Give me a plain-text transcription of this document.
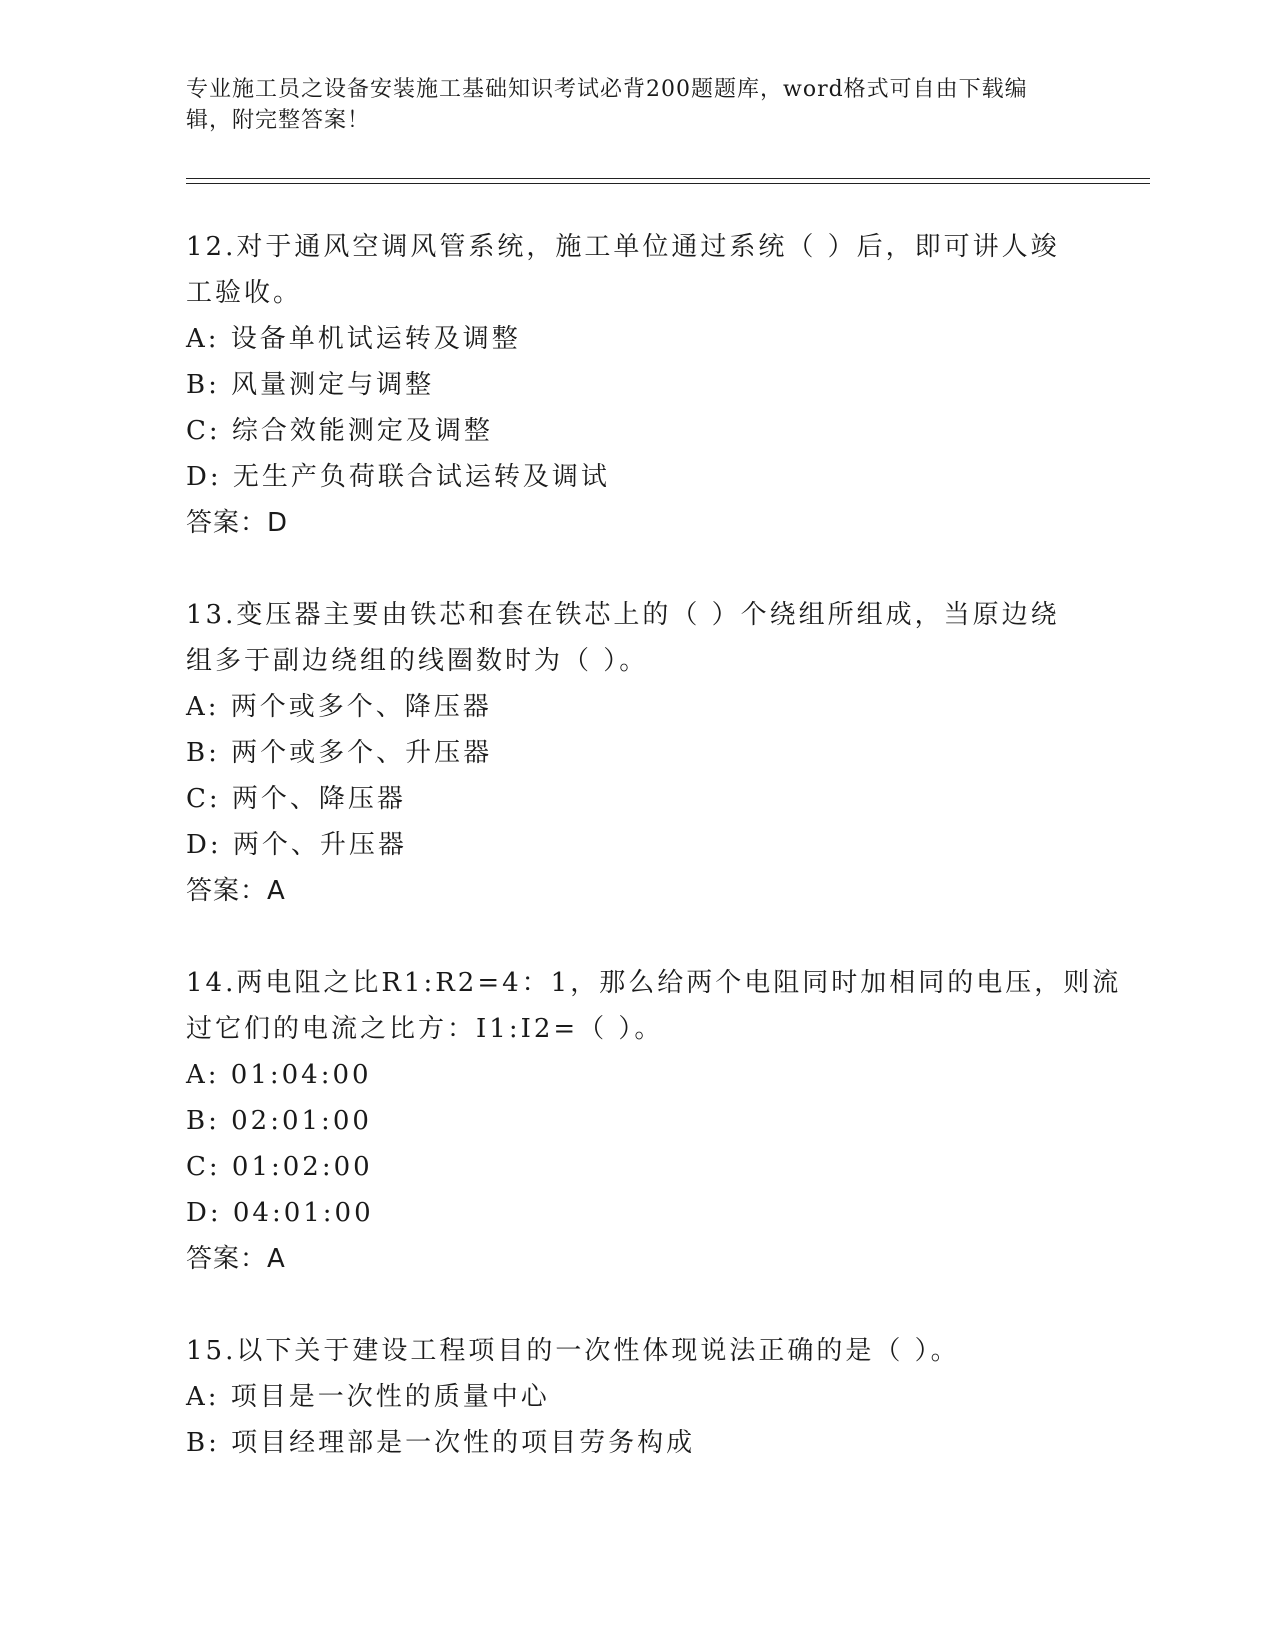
专业施工员之设备安装施工基础知识考试必背200题题库，word格式可自由下载编辑，附完整答案！

12.对于通风空调风管系统，施工单位通过系统（ ）后，即可讲人竣

工验收。

A: 设备单机试运转及调整

B: 风量测定与调整

C: 综合效能测定及调整

D: 无生产负荷联合试运转及调试

答案：D

13.变压器主要由铁芯和套在铁芯上的（ ）个绕组所组成，当原边绕

组多于副边绕组的线圈数时为（ ）。

A: 两个或多个、降压器

B: 两个或多个、升压器

C: 两个、降压器

D: 两个、升压器

答案：A

14.两电阻之比R1:R2=4：1，那么给两个电阻同时加相同的电压，则流

过它们的电流之比方：I1:I2=（ ）。

A: 01:04:00

B: 02:01:00

C: 01:02:00

D: 04:01:00

答案：A

15.以下关于建设工程项目的一次性体现说法正确的是（ ）。

A: 项目是一次性的质量中心

B: 项目经理部是一次性的项目劳务构成
